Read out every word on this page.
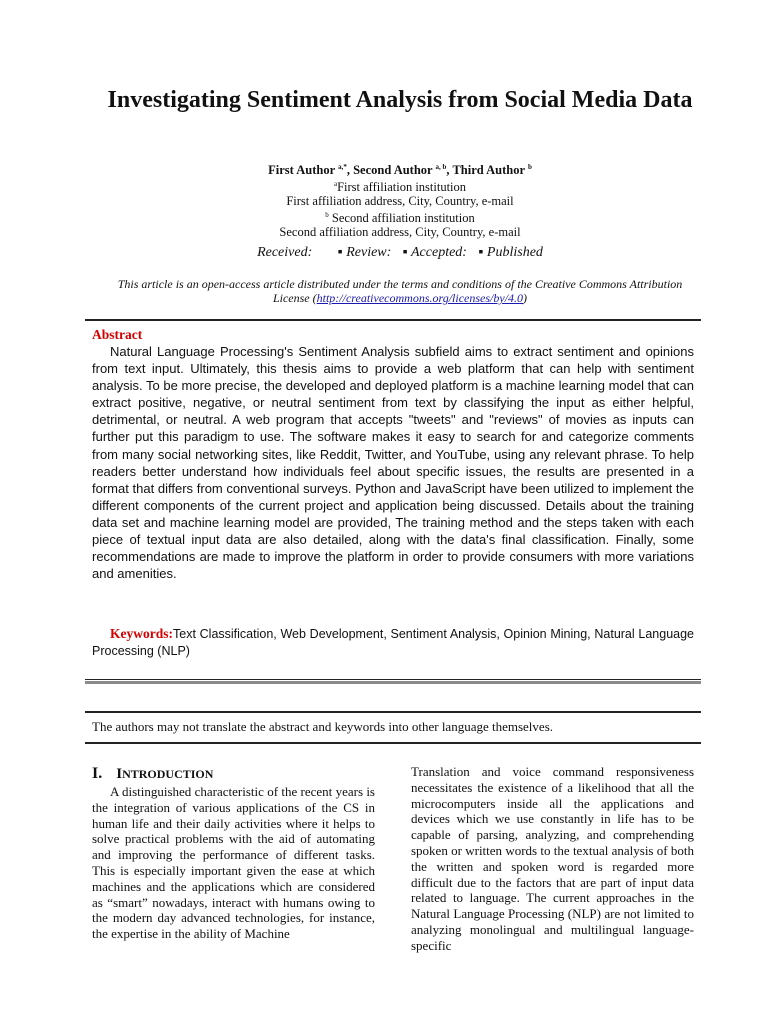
Investigating Sentiment Analysis from Social Media Data
First Author $^{a,*}$, Second Author $^{a, b}$, Third Author $^b$
$^a$First affiliation institution
First affiliation address, City, Country, e-mail
$^b$ Second affiliation institution
Second affiliation address, City, Country, e-mail
Received: ▪ Review: ▪ Accepted: ▪ Published
This article is an open-access article distributed under the terms and conditions of the Creative Commons Attribution License (http://creativecommons.org/licenses/by/4.0)
Abstract

Natural Language Processing's Sentiment Analysis subfield aims to extract sentiment and opinions from text input. Ultimately, this thesis aims to provide a web platform that can help with sentiment analysis. To be more precise, the developed and deployed platform is a machine learning model that can extract positive, negative, or neutral sentiment from text by classifying the input as either helpful, detrimental, or neutral. A web program that accepts "tweets" and "reviews" of movies as inputs can further put this paradigm to use. The software makes it easy to search for and categorize comments from many social networking sites, like Reddit, Twitter, and YouTube, using any relevant phrase. To help readers better understand how individuals feel about specific issues, the results are presented in a format that differs from conventional surveys. Python and JavaScript have been utilized to implement the different components of the current project and application being discussed. Details about the training data set and machine learning model are provided, The training method and the steps taken with each piece of textual input data are also detailed, along with the data's final classification. Finally, some recommendations are made to improve the platform in order to provide consumers with more variations and amenities.

Keywords:Text Classification, Web Development, Sentiment Analysis, Opinion Mining, Natural Language Processing (NLP)

The authors may not translate the abstract and keywords into other language themselves.
I. INTRODUCTION

A distinguished characteristic of the recent years is the integration of various applications of the CS in human life and their daily activities where it helps to solve practical problems with the aid of automating and improving the performance of different tasks. This is especially important given the ease at which machines and the applications which are considered as “smart” nowadays, interact with humans owing to the modern day advanced technologies, for instance, the expertise in the ability of Machine

Translation and voice command responsiveness necessitates the existence of a likelihood that all the microcomputers inside all the applications and devices which we use constantly in life has to be capable of parsing, analyzing, and comprehending spoken or written words to the textual analysis of both the written and spoken word is regarded more difficult due to the factors that are part of input data related to language. The current approaches in the Natural Language Processing (NLP) are not limited to analyzing monolingual and multilingual language-specific
